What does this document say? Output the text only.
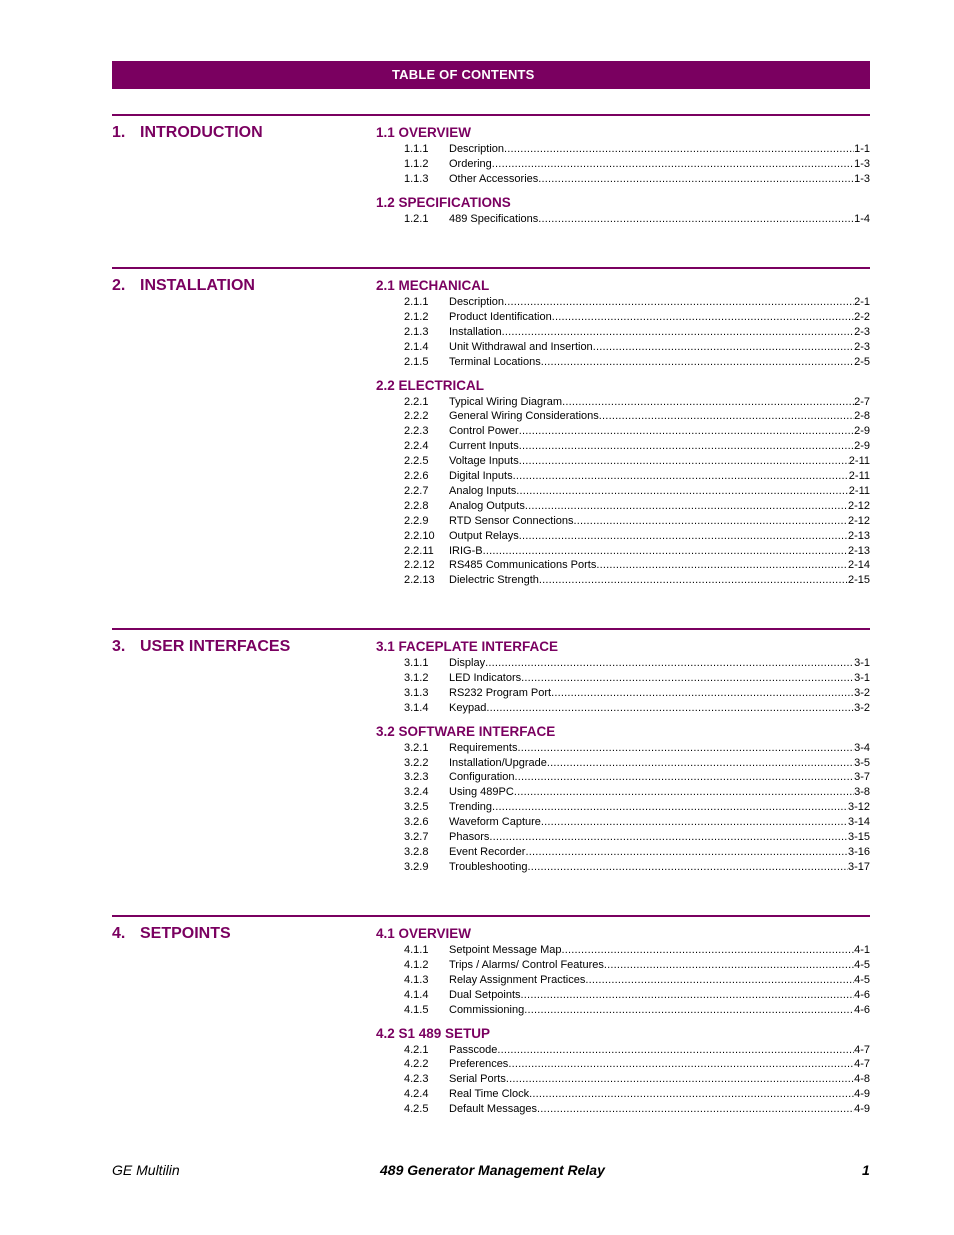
TABLE OF CONTENTS
1. INTRODUCTION	1.1 OVERVIEW
1.1.1	Description .....	1-1
1.1.2	Ordering .....	1-3
1.1.3	Other Accessories .....	1-3
1.2 SPECIFICATIONS
1.2.1	489 Specifications .....	1-4
2. INSTALLATION	2.1 MECHANICAL
2.1.1	Description .....	2-1
2.1.2	Product Identification .....	2-2
2.1.3	Installation .....	2-3
2.1.4	Unit Withdrawal and Insertion .....	2-3
2.1.5	Terminal Locations .....	2-5
2.2 ELECTRICAL
2.2.1	Typical Wiring Diagram .....	2-7
2.2.2	General Wiring Considerations .....	2-8
2.2.3	Control Power .....	2-9
2.2.4	Current Inputs .....	2-9
2.2.5	Voltage Inputs .....	2-11
2.2.6	Digital Inputs .....	2-11
2.2.7	Analog Inputs .....	2-11
2.2.8	Analog Outputs .....	2-12
2.2.9	RTD Sensor Connections .....	2-12
2.2.10	Output Relays .....	2-13
2.2.11	IRIG-B .....	2-13
2.2.12	RS485 Communications Ports .....	2-14
2.2.13	Dielectric Strength .....	2-15
3. USER INTERFACES	3.1 FACEPLATE INTERFACE
3.1.1	Display .....	3-1
3.1.2	LED Indicators .....	3-1
3.1.3	RS232 Program Port .....	3-2
3.1.4	Keypad .....	3-2
3.2 SOFTWARE INTERFACE
3.2.1	Requirements .....	3-4
3.2.2	Installation/Upgrade .....	3-5
3.2.3	Configuration .....	3-7
3.2.4	Using 489PC .....	3-8
3.2.5	Trending .....	3-12
3.2.6	Waveform Capture .....	3-14
3.2.7	Phasors .....	3-15
3.2.8	Event Recorder .....	3-16
3.2.9	Troubleshooting .....	3-17
4. SETPOINTS	4.1 OVERVIEW
4.1.1	Setpoint Message Map .....	4-1
4.1.2	Trips / Alarms/ Control Features .....	4-5
4.1.3	Relay Assignment Practices .....	4-5
4.1.4	Dual Setpoints .....	4-6
4.1.5	Commissioning .....	4-6
4.2 S1 489 SETUP
4.2.1	Passcode .....	4-7
4.2.2	Preferences .....	4-7
4.2.3	Serial Ports .....	4-8
4.2.4	Real Time Clock .....	4-9
4.2.5	Default Messages .....	4-9
GE Multilin	489 Generator Management Relay	1
